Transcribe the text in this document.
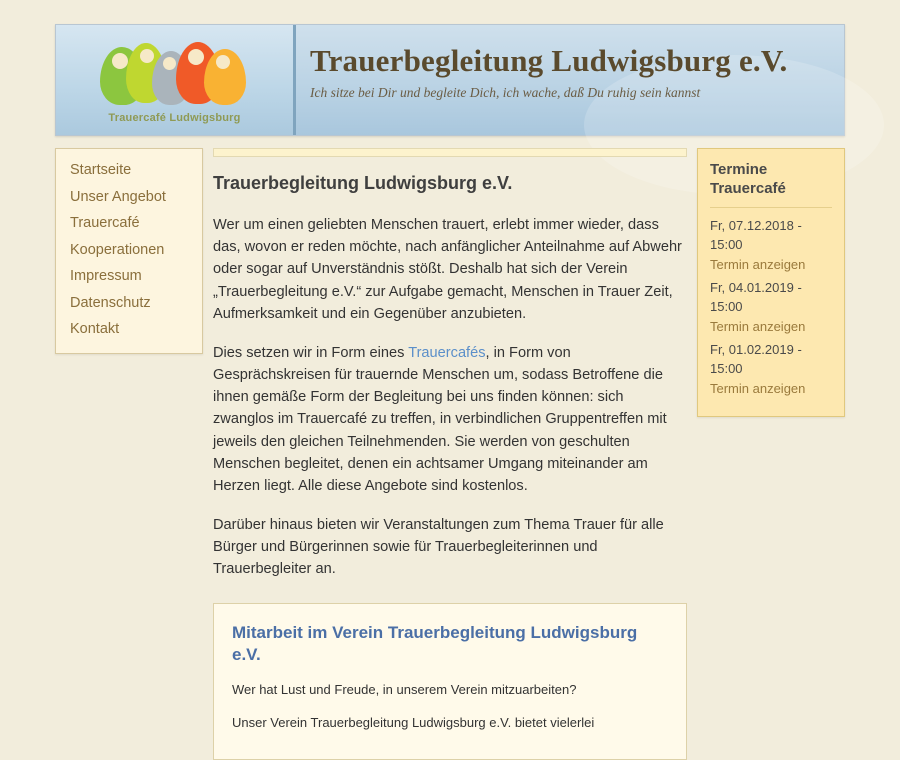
Trauercafé Ludwigsburg
Trauerbegleitung Ludwigsburg e.V.

Ich sitze bei Dir und begleite Dich, ich wache, daß Du ruhig sein kannst

Startseite
Unser Angebot
Trauercafé
Kooperationen
Impressum
Datenschutz
Kontakt
Trauerbegleitung Ludwigsburg e.V.

Wer um einen geliebten Menschen trauert, erlebt immer wieder, dass das, wovon er reden möchte, nach anfänglicher Anteilnahme auf Abwehr oder sogar auf Unverständnis stößt. Deshalb hat sich der Verein „Trauerbegleitung e.V.“ zur Aufgabe gemacht, Menschen in Trauer Zeit, Aufmerksamkeit und ein Gegenüber anzubieten.

Dies setzen wir in Form eines Trauercafés, in Form von Gesprächskreisen für trauernde Menschen um, sodass Betroffene die ihnen gemäße Form der Begleitung bei uns finden können: sich zwanglos im Trauercafé zu treffen, in verbindlichen Gruppentreffen mit jeweils den gleichen Teilnehmenden. Sie werden von geschulten Menschen begleitet, denen ein achtsamer Umgang miteinander am Herzen liegt. Alle diese Angebote sind kostenlos.

Darüber hinaus bieten wir Veranstaltungen zum Thema Trauer für alle Bürger und Bürgerinnen sowie für Trauerbegleiterinnen und Trauerbegleiter an.

Mitarbeit im Verein Trauerbegleitung Ludwigsburg e.V.

Wer hat Lust und Freude, in unserem Verein mitzuarbeiten?

Unser Verein Trauerbegleitung Ludwigsburg e.V. bietet vielerlei

Termine Trauercafé

Fr, 07.12.2018 - 15:00

Termin anzeigen

Fr, 04.01.2019 - 15:00

Termin anzeigen

Fr, 01.02.2019 - 15:00

Termin anzeigen
